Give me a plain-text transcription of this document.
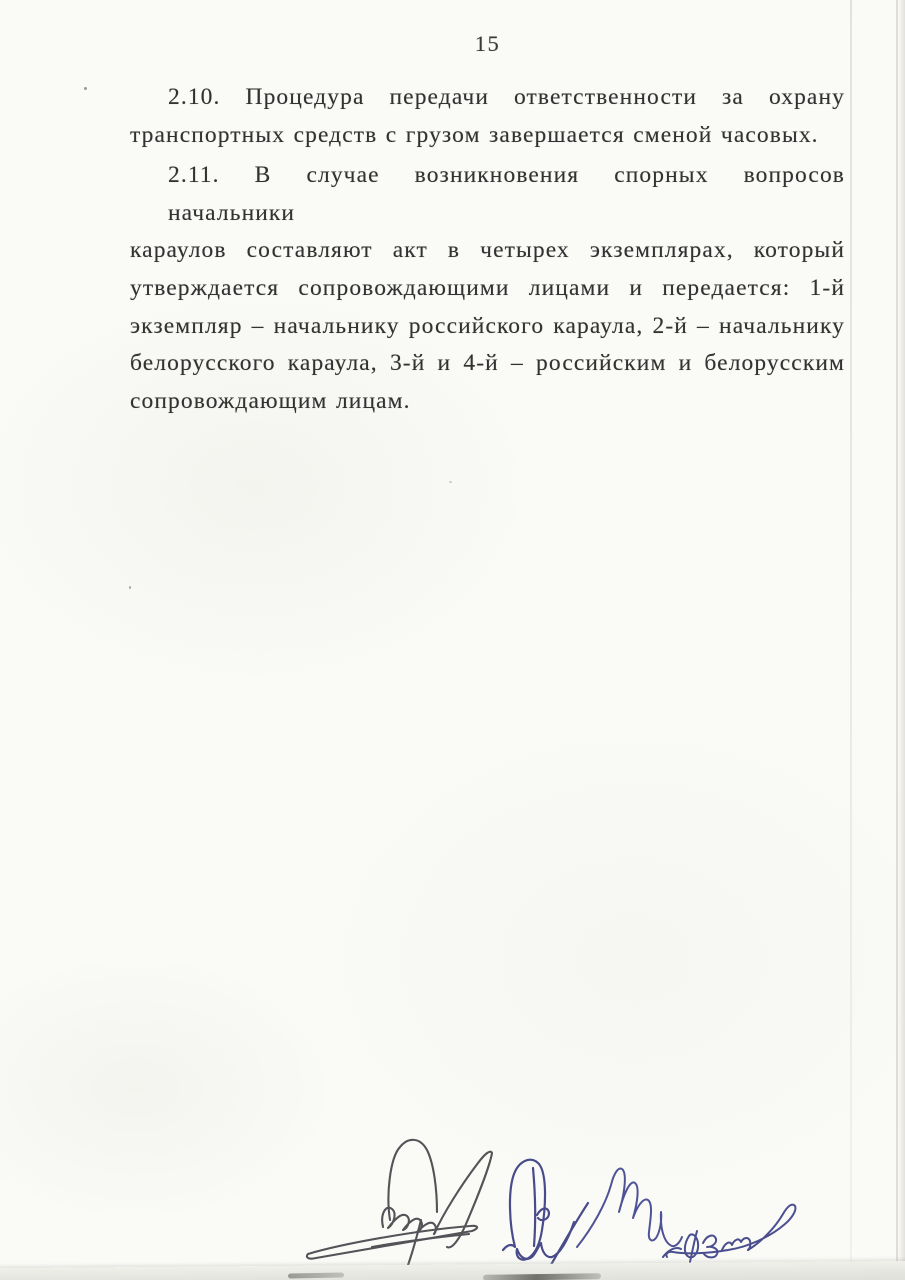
15
2.10. Процедура передачи ответственности за охрану
транспортных средств с грузом завершается сменой часовых.
2.11. В случае возникновения спорных вопросов начальники
караулов составляют акт в четырех экземплярах, который
утверждается сопровождающими лицами и передается: 1-й
экземпляр – начальнику российского караула, 2-й – начальнику
белорусского караула, 3-й и 4-й – российским и белорусским
сопровождающим лицам.
